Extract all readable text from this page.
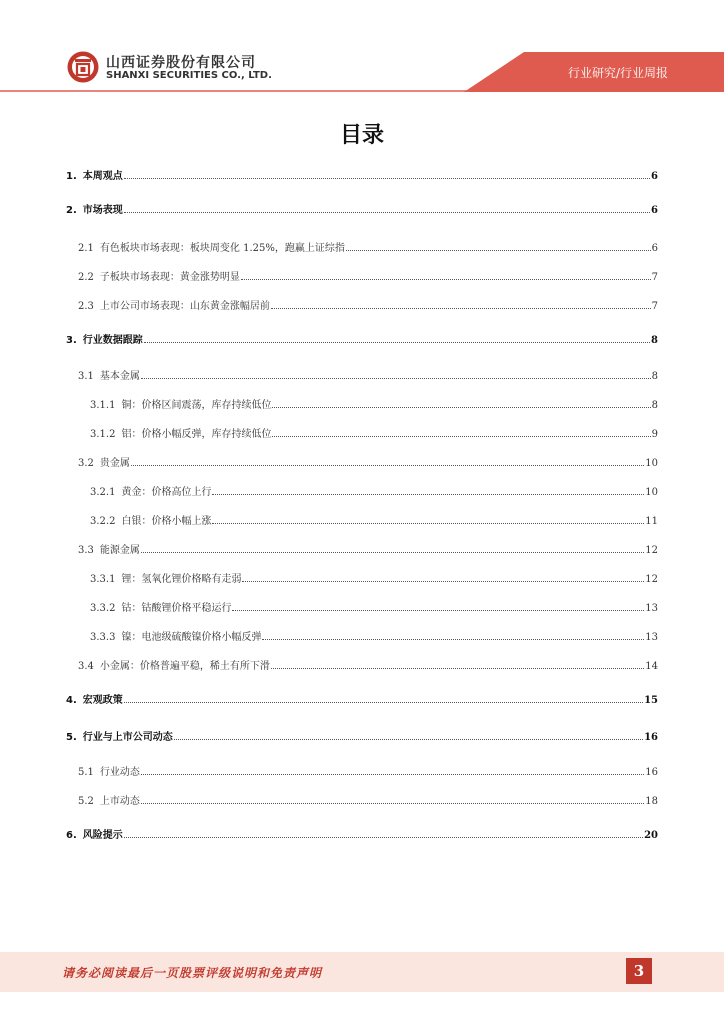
山西证券股份有限公司
SHANXI SECURITIES CO., LTD.	行业研究/行业周报
目录
1. 本周观点	6
2. 市场表现	6
2.1 有色板块市场表现：板块周变化 1.25%，跑赢上证综指	6
2.2 子板块市场表现：黄金涨势明显	7
2.3 上市公司市场表现：山东黄金涨幅居前	7
3. 行业数据跟踪	8
3.1 基本金属	8
3.1.1 铜：价格区间震荡，库存持续低位	8
3.1.2 铝：价格小幅反弹，库存持续低位	9
3.2 贵金属	10
3.2.1 黄金：价格高位上行	10
3.2.2 白银：价格小幅上涨	11
3.3 能源金属	12
3.3.1 锂：氢氧化锂价格略有走弱	12
3.3.2 钴：钴酸锂价格平稳运行	13
3.3.3 镍：电池级硫酸镍价格小幅反弹	13
3.4 小金属：价格普遍平稳，稀土有所下滑	14
4. 宏观政策	15
5. 行业与上市公司动态	16
5.1 行业动态	16
5.2 上市动态	18
6. 风险提示	20
请务必阅读最后一页股票评级说明和免责声明	3
